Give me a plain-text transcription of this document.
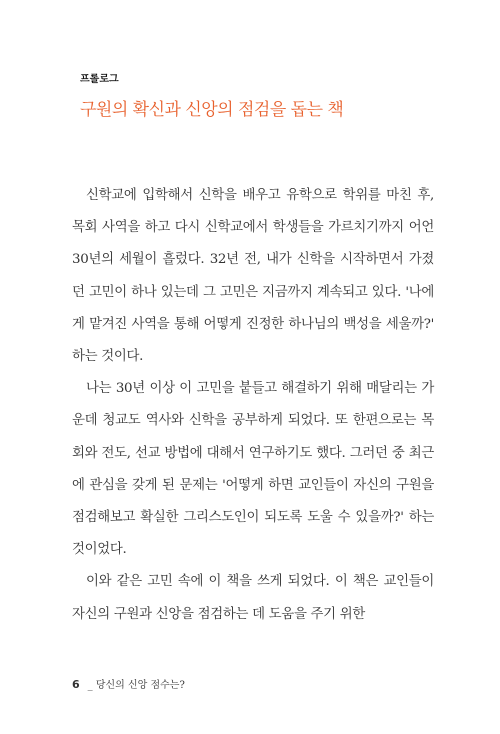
프롤로그
구원의 확신과 신앙의 점검을 돕는 책

신학교에 입학해서 신학을 배우고 유학으로 학위를 마친 후, 목회 사역을 하고 다시 신학교에서 학생들을 가르치기까지 어언 30년의 세월이 흘렀다. 32년 전, 내가 신학을 시작하면서 가졌던 고민이 하나 있는데 그 고민은 지금까지 계속되고 있다. '나에게 맡겨진 사역을 통해 어떻게 진정한 하나님의 백성을 세울까?' 하는 것이다.

나는 30년 이상 이 고민을 붙들고 해결하기 위해 매달리는 가운데 청교도 역사와 신학을 공부하게 되었다. 또 한편으로는 목회와 전도, 선교 방법에 대해서 연구하기도 했다. 그러던 중 최근에 관심을 갖게 된 문제는 '어떻게 하면 교인들이 자신의 구원을 점검해보고 확실한 그리스도인이 되도록 도울 수 있을까?' 하는 것이었다.

이와 같은 고민 속에 이 책을 쓰게 되었다. 이 책은 교인들이 자신의 구원과 신앙을 점검하는 데 도움을 주기 위한

6 _ 당신의 신앙 점수는?
